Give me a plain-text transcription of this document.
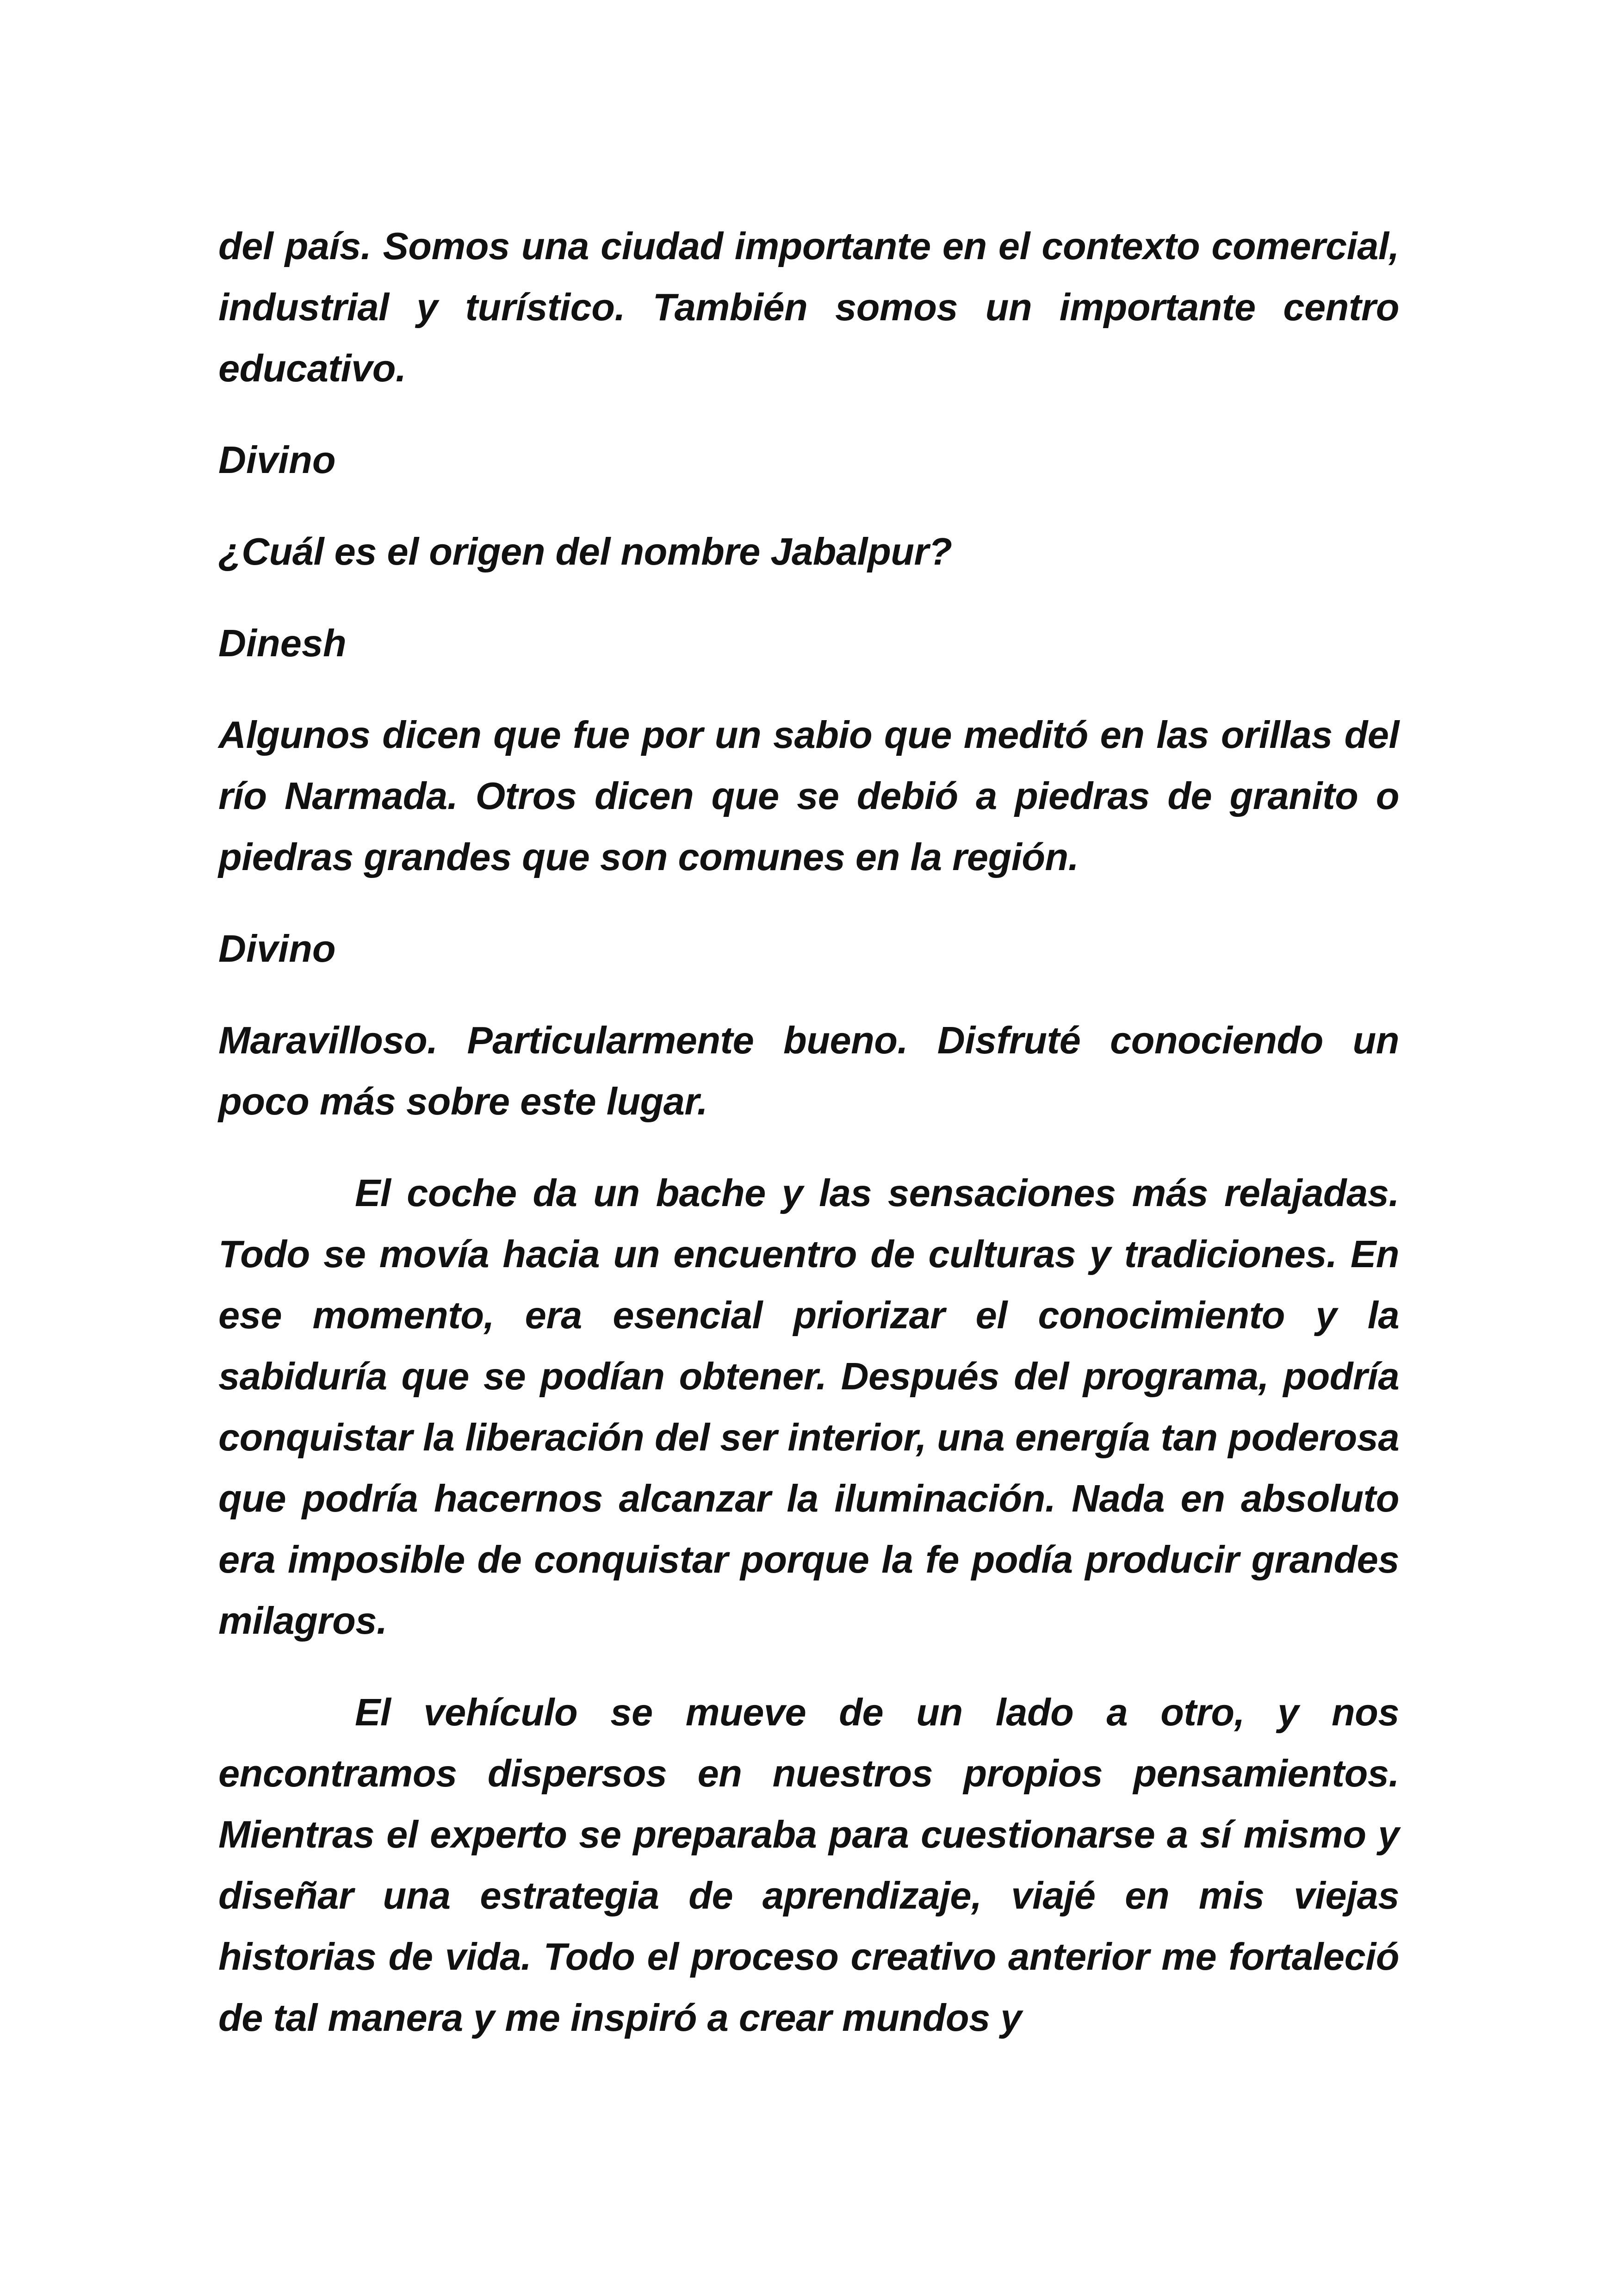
del país. Somos una ciudad importante en el contexto comercial, industrial y turístico. También somos un importante centro educativo.

Divino

¿Cuál es el origen del nombre Jabalpur?

Dinesh

Algunos dicen que fue por un sabio que meditó en las orillas del río Narmada. Otros dicen que se debió a piedras de granito o piedras grandes que son comunes en la región.

Divino

Maravilloso. Particularmente bueno. Disfruté conociendo un poco más sobre este lugar.

El coche da un bache y las sensaciones más relajadas. Todo se movía hacia un encuentro de culturas y tradiciones. En ese momento, era esencial priorizar el conocimiento y la sabiduría que se podían obtener. Después del programa, podría conquistar la liberación del ser interior, una energía tan poderosa que podría hacernos alcanzar la iluminación. Nada en absoluto era imposible de conquistar porque la fe podía producir grandes milagros.

El vehículo se mueve de un lado a otro, y nos encontramos dispersos en nuestros propios pensamientos. Mientras el experto se preparaba para cuestionarse a sí mismo y diseñar una estrategia de aprendizaje, viajé en mis viejas historias de vida. Todo el proceso creativo anterior me fortaleció de tal manera y me inspiró a crear mundos y
